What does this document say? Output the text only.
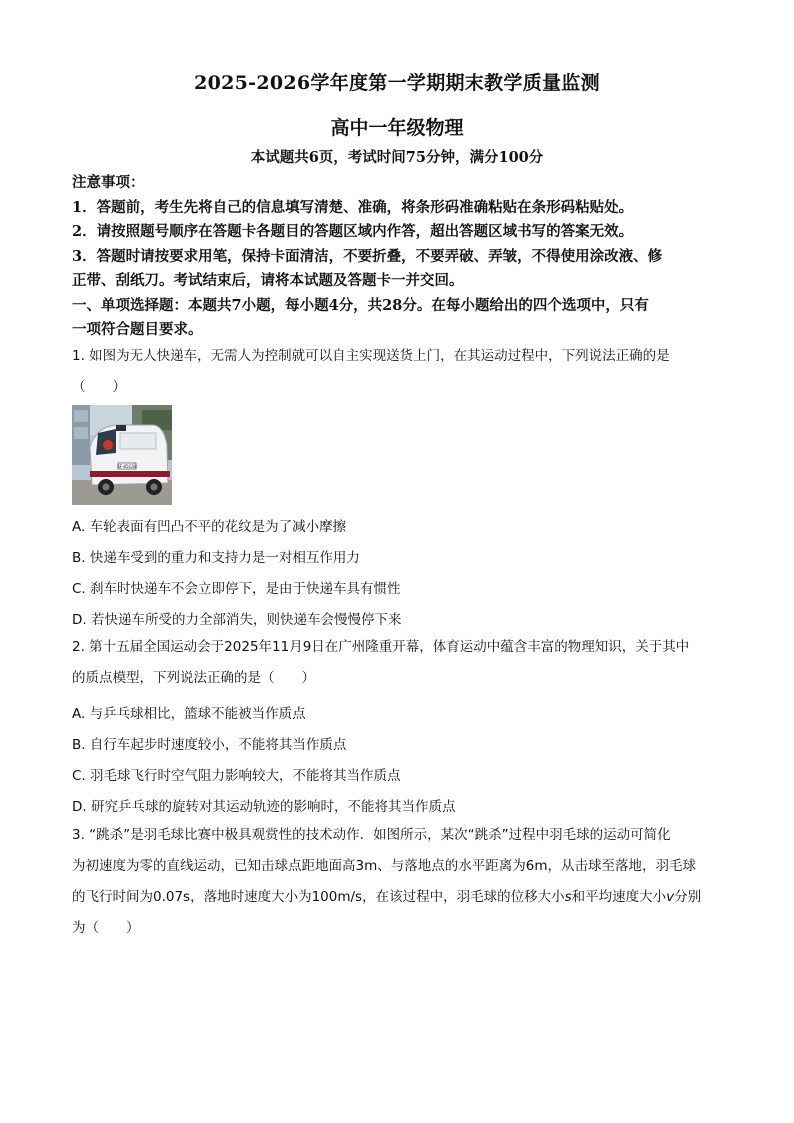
2025-2026学年度第一学期期末教学质量监测
高中一年级物理
本试题共6页，考试时间75分钟，满分100分
注意事项：
1．答题前，考生先将自己的信息填写清楚、准确，将条形码准确粘贴在条形码粘贴处。
2．请按照题号顺序在答题卡各题目的答题区域内作答，超出答题区域书写的答案无效。
3．答题时请按要求用笔，保持卡面清洁，不要折叠，不要弄破、弄皱，不得使用涂改液、修
正带、刮纸刀。考试结束后，请将本试题及答题卡一并交回。
一、单项选择题：本题共7小题，每小题4分，共28分。在每小题给出的四个选项中，只有
一项符合题目要求。
1. 如图为无人快递车，无需人为控制就可以自主实现送货上门，在其运动过程中，下列说法正确的是
（　　）
SF·85G58
A. 车轮表面有凹凸不平的花纹是为了减小摩擦
B. 快递车受到的重力和支持力是一对相互作用力
C. 刹车时快递车不会立即停下，是由于快递车具有惯性
D. 若快递车所受的力全部消失，则快递车会慢慢停下来
2. 第十五届全国运动会于2025年11月9日在广州隆重开幕，体育运动中蕴含丰富的物理知识，关于其中
的质点模型，下列说法正确的是（　　）
A. 与乒乓球相比，篮球不能被当作质点
B. 自行车起步时速度较小，不能将其当作质点
C. 羽毛球飞行时空气阻力影响较大，不能将其当作质点
D. 研究乒乓球的旋转对其运动轨迹的影响时，不能将其当作质点
3. “跳杀”是羽毛球比赛中极具观赏性的技术动作．如图所示，某次“跳杀”过程中羽毛球的运动可简化
为初速度为零的直线运动，已知击球点距地面高3m、与落地点的水平距离为6m，从击球至落地，羽毛球
的飞行时间为0.07s，落地时速度大小为100m/s，在该过程中，羽毛球的位移大小s和平均速度大小v分别
为（　　）
